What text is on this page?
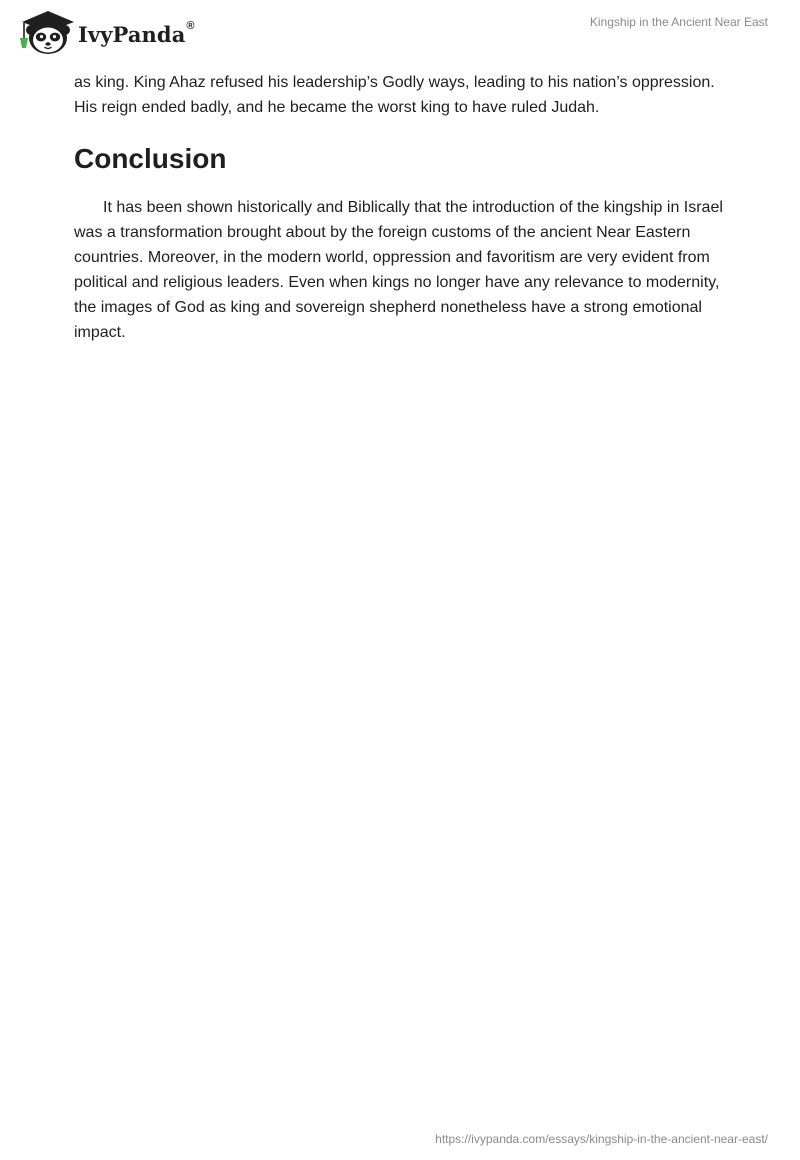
IvyPanda®	Kingship in the Ancient Near East

as king. King Ahaz refused his leadership’s Godly ways, leading to his nation’s oppression. His reign ended badly, and he became the worst king to have ruled Judah.

Conclusion

It has been shown historically and Biblically that the introduction of the kingship in Israel was a transformation brought about by the foreign customs of the ancient Near Eastern countries. Moreover, in the modern world, oppression and favoritism are very evident from political and religious leaders. Even when kings no longer have any relevance to modernity, the images of God as king and sovereign shepherd nonetheless have a strong emotional impact.

https://ivypanda.com/essays/kingship-in-the-ancient-near-east/
